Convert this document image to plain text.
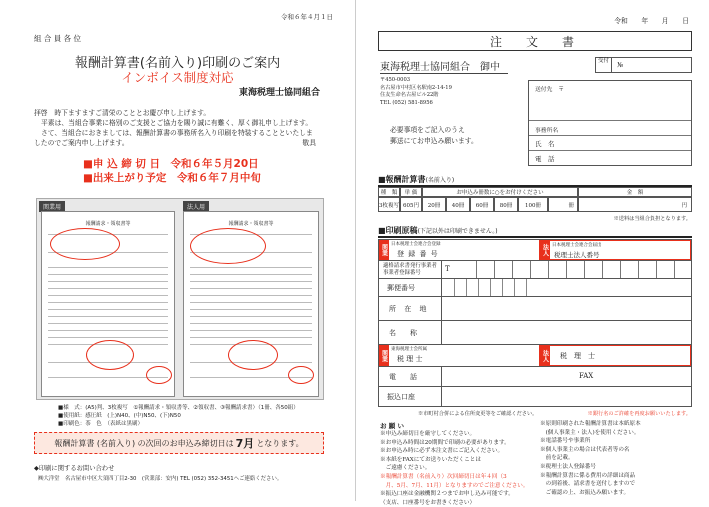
令和６年４月１日
組 合 員 各 位
報酬計算書(名前入り)印刷のご案内
インボイス制度対応
東海税理士協同組合
拝啓　時下ますますご清栄のこととお慶び申し上げます。
平素は、当組合事業に格別のご支援とご協力を賜り誠に有難く、厚く御礼申し上げます。
さて、当組合におきましては、報酬計算書の事務所名入り印刷を特装することといたしま
したのでご案内申し上げます。	敬具
■申 込 締 切 日　 令和６年５月20日
■出来上がり予定　 令和６年７月中旬
関業用	法人用
報酬請求・領収書等	報酬請求・領収書等
■様　式：(A5)判、3枚複写　①報酬請求・領収書等、②領収書、③報酬請求書）（1冊、各50組）
■使用紙：感圧紙　(上)N40、(中)N50、(下)N50
■印刷色：茶　色　（表紙は黒刷）
報酬計算書 (名前入り) の次回のお申込み締切日は 7月 となります。
◆印刷に関するお問い合わせ
㈱大洋堂　名古屋市中区大須四丁目2-30　(営業部：安内) TEL (052) 352-3451へご連絡ください。
令和　　年　　月　　日
注　文　書
東海税理士協同組合　御中
〒450-0003
名古屋市中村区名駅南2-14-19
住友生命名古屋ビル22階
TEL (052) 581-8956
受付	№
送付先　〒
事務所名
氏　名
電　話
必要事項をご記入のうえ
郵送にてお申込み願います。
■報酬計算書(名前入り)
種　類	単 価	お申込み冊数に○をお付けください	金　額
3枚複写 605円	20冊	40冊	60冊	80冊	100冊	冊	円
※送料は当組合負担となります。
■印刷原稿(下記以外は印刷できません。)
関業 日本税理士会連合会登録
登 録 番 号	法人 日本税理士会連合会届出
税理士法人番号
適格請求書発行事業者
事業者登録番号	T
郵便番号
所 在 地
名　　称
関業 東海税理士会所属
税 理 士	法人 税　理　士
電　　話	FAX
振込口座
※市町村合併による住所変更等をご確認ください。	※銀行名のご許確を再度お願いいたします。
お 願 い
※申込み締切日を厳守してください。
※お申込み時間は20期間で印刷の必要があります。
※お申込み時に必ず本注文書にご記入ください。
※本紙をFAXにてお送りいただくことは
　ご遠慮ください。
※報酬計算書（名前入り）次回締切日は年４回（3
　月、5月、7月、11月）となりますのでご注意ください。
※振込口座は金融機関２つまでお申し込み可能です。
（支店、口座番号をお書きください）
※原則印刷された報酬計算書は本紙原本
　(個人事業主・法人)を使用ください。
※電話番号や事業所
※個人事業主の場合は代表者等の名
　前を記載。
※税理士法人登録番号
※報酬計算書に係る費用の詳細は商品
　の到着後、請求書を送付しますので
　ご確認の上、お振込み願います。
